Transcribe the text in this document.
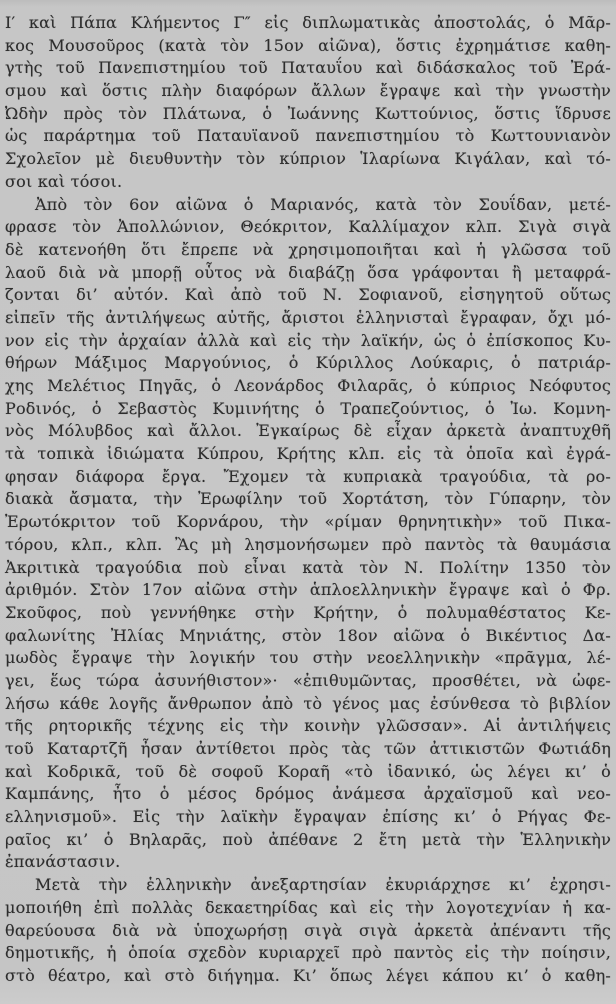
Ι′ καὶ Πάπα Κλήμεντος Γ″ εἰς διπλωματικὰς ἀποστολάς, ὁ Μᾶρ-
κος Μουσοῦρος (κατὰ τὸν 15ον αἰῶνα), ὅστις ἐχρημάτισε καθη-
γτὴς τοῦ Πανεπιστημίου τοῦ Παταυΐου καὶ διδάσκαλος τοῦ Ἐρά-
σμου καὶ ὅστις πλὴν διαφόρων ἄλλων ἔγραψε καὶ τὴν γνωστὴν
Ὠδὴν πρὸς τὸν Πλάτωνα, ὁ Ἰωάννης Κωττούνιος, ὅστις ἵδρυσε
ὡς παράρτημα τοῦ Παταυϊανοῦ πανεπιστημίου τὸ Κωττουνιανὸν
Σχολεῖον μὲ διευθυντὴν τὸν κύπριον Ἱλαρίωνα Κιγάλαν, καὶ τό-
σοι καὶ τόσοι.
Ἀπὸ τὸν 6ον αἰῶνα ὁ Μαριανός, κατὰ τὸν Σουΐδαν, μετέ-
φρασε τὸν Ἀπολλώνιον, Θεόκριτον, Καλλίμαχον κλπ. Σιγὰ σιγὰ
δὲ κατενοήθη ὅτι ἔπρεπε νὰ χρησιμοποιῆται καὶ ἡ γλῶσσα τοῦ
λαοῦ διὰ νὰ μπορῇ οὗτος νὰ διαβάζῃ ὅσα γράφονται ἢ μεταφρά-
ζονται δι’ αὐτόν. Καὶ ἀπὸ τοῦ Ν. Σοφιανοῦ, εἰσηγητοῦ οὕτως
εἰπεῖν τῆς ἀντιλήψεως αὐτῆς, ἄριστοι ἑλληνισταὶ ἔγραφαν, ὄχι μό-
νον εἰς τὴν ἀρχαίαν ἀλλὰ καὶ εἰς τὴν λαϊκήν, ὡς ὁ ἐπίσκοπος Κυ-
θήρων Μάξιμος Μαργούνιος, ὁ Κύριλλος Λούκαρις, ὁ πατριάρ-
χης Μελέτιος Πηγᾶς, ὁ Λεονάρδος Φιλαρᾶς, ὁ κύπριος Νεόφυτος
Ροδινός, ὁ Σεβαστὸς Κυμινήτης ὁ Τραπεζούντιος, ὁ Ἰω. Κομνη-
νὸς Μόλυβδος καὶ ἄλλοι. Ἐγκαίρως δὲ εἶχαν ἀρκετὰ ἀναπτυχθῆ
τὰ τοπικὰ ἰδιώματα Κύπρου, Κρήτης κλπ. εἰς τὰ ὁποῖα καὶ ἐγρά-
φησαν διάφορα ἔργα. Ἔχομεν τὰ κυπριακὰ τραγούδια, τὰ ρο-
διακὰ ἄσματα, τὴν Ἐρωφίλην τοῦ Χορτάτση, τὸν Γύπαρην, τὸν
Ἐρωτόκριτον τοῦ Κορνάρου, τὴν «ρίμαν θρηνητικὴν» τοῦ Πικα-
τόρου, κλπ., κλπ. Ἂς μὴ λησμονήσωμεν πρὸ παντὸς τὰ θαυμάσια
Ἀκριτικὰ τραγούδια ποὺ εἶναι κατὰ τὸν Ν. Πολίτην 1350 τὸν
ἀριθμόν. Στὸν 17ον αἰῶνα στὴν ἁπλοελληνικὴν ἔγραψε καὶ ὁ Φρ.
Σκοῦφος, ποὺ γεννήθηκε στὴν Κρήτην, ὁ πολυμαθέστατος Κε-
φαλωνίτης Ἠλίας Μηνιάτης, στὸν 18ον αἰῶνα ὁ Βικέντιος Δα-
μωδὸς ἔγραψε τὴν λογικήν του στὴν νεοελληνικὴν «πρᾶγμα, λέ-
γει, ἕως τώρα ἀσυνήθιστον»· «ἐπιθυμῶντας, προσθέτει, νὰ ὠφε-
λήσω κάθε λογῆς ἄνθρωπον ἀπὸ τὸ γένος μας ἐσύνθεσα τὸ βιβλίον
τῆς ρητορικῆς τέχνης εἰς τὴν κοινὴν γλῶσσαν». Αἱ ἀντιλήψεις
τοῦ Καταρτζῆ ἦσαν ἀντίθετοι πρὸς τὰς τῶν ἀττικιστῶν Φωτιάδη
καὶ Κοδρικᾶ, τοῦ δὲ σοφοῦ Κοραῆ «τὸ ἰδανικό, ὡς λέγει κι’ ὁ
Καμπάνης, ἦτο ὁ μέσος δρόμος ἀνάμεσα ἀρχαϊσμοῦ καὶ νεο-
ελληνισμοῦ». Εἰς τὴν λαϊκὴν ἔγραψαν ἐπίσης κι’ ὁ Ρήγας Φε-
ραῖος κι’ ὁ Βηλαρᾶς, ποὺ ἀπέθανε 2 ἔτη μετὰ τὴν Ἑλληνικὴν
ἐπανάστασιν.
Μετὰ τὴν ἑλληνικὴν ἀνεξαρτησίαν ἐκυριάρχησε κι’ ἐχρησι-
μοποιήθη ἐπὶ πολλὰς δεκαετηρίδας καὶ εἰς τὴν λογοτεχνίαν ἡ κα-
θαρεύουσα διὰ νὰ ὑποχωρήσῃ σιγὰ σιγὰ ἀρκετὰ ἀπέναντι τῆς
δημοτικῆς, ἡ ὁποία σχεδὸν κυριαρχεῖ πρὸ παντὸς εἰς τὴν ποίησιν,
στὸ θέατρο, καὶ στὸ διήγημα. Κι’ ὅπως λέγει κάπου κι’ ὁ καθη-
